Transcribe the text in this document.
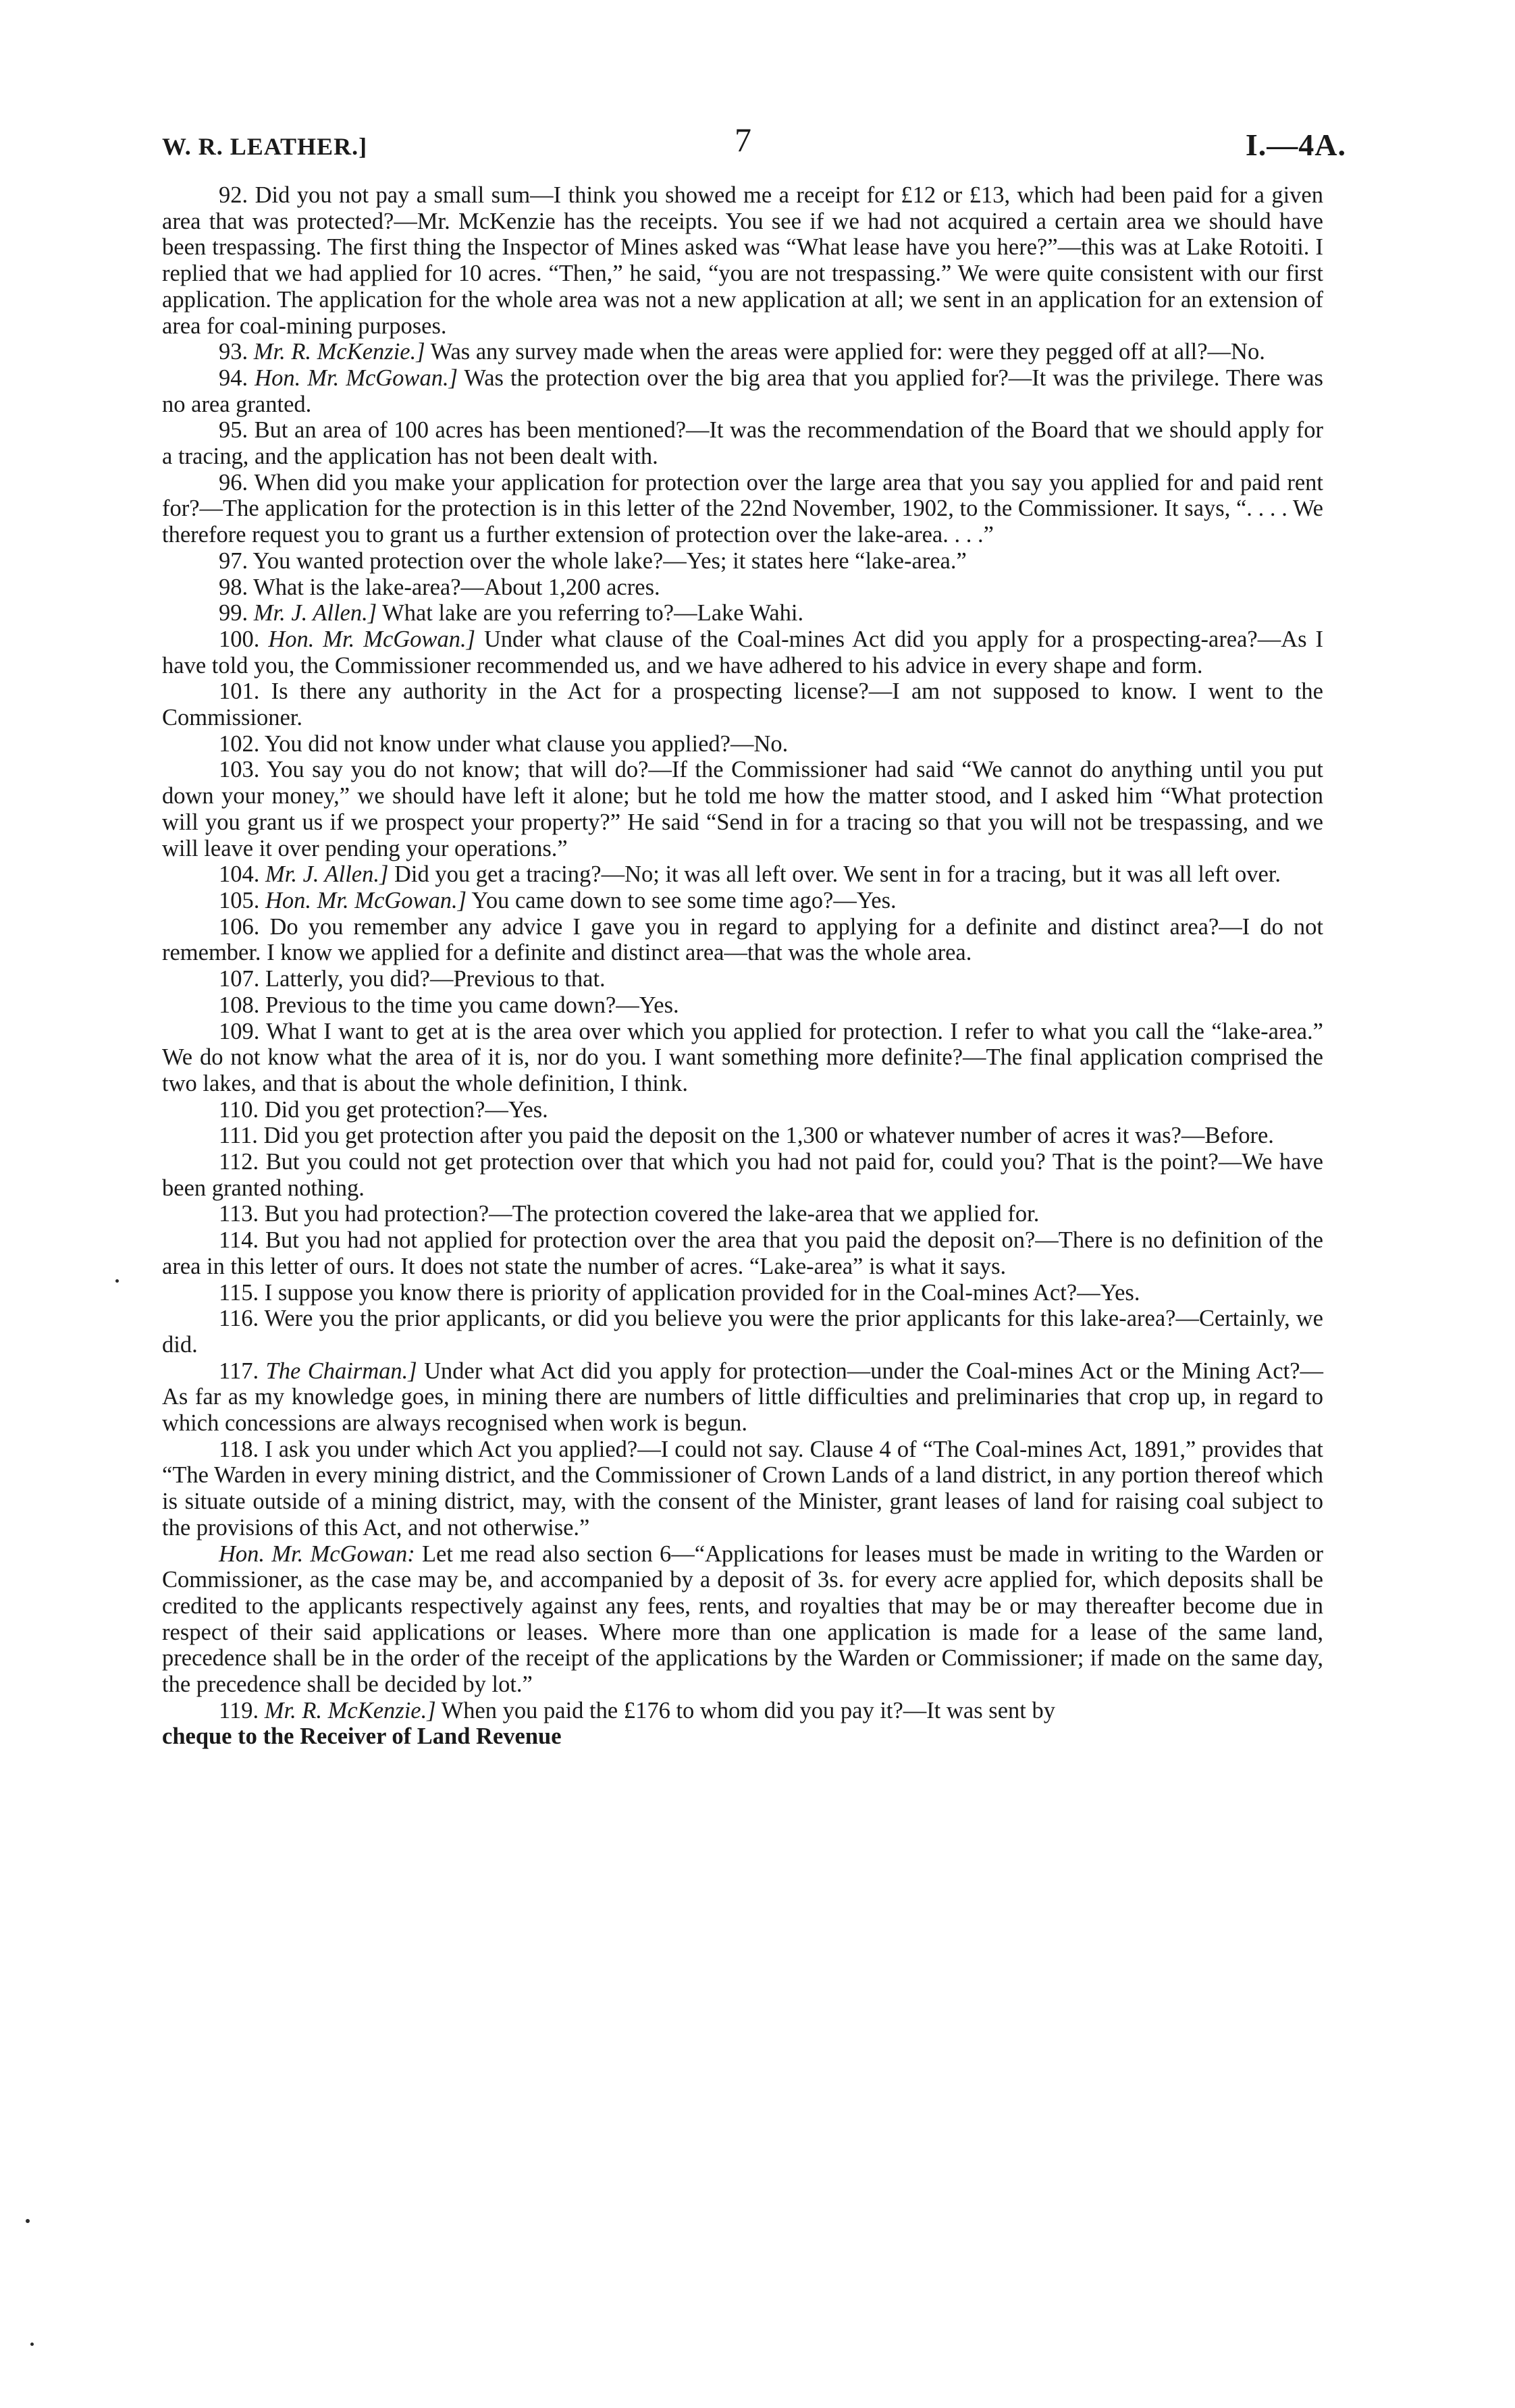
W. R. LEATHER.]	7	I.—4A.

92. Did you not pay a small sum—I think you showed me a receipt for £12 or £13, which had been paid for a given area that was protected?—Mr. McKenzie has the receipts. You see if we had not acquired a certain area we should have been trespassing. The first thing the Inspector of Mines asked was “What lease have you here?”—this was at Lake Rotoiti. I replied that we had applied for 10 acres. “Then,” he said, “you are not trespassing.” We were quite consistent with our first application. The application for the whole area was not a new application at all; we sent in an application for an extension of area for coal-mining purposes.

93. Mr. R. McKenzie.] Was any survey made when the areas were applied for: were they pegged off at all?—No.

94. Hon. Mr. McGowan.] Was the protection over the big area that you applied for?—It was the privilege. There was no area granted.

95. But an area of 100 acres has been mentioned?—It was the recommendation of the Board that we should apply for a tracing, and the application has not been dealt with.

96. When did you make your application for protection over the large area that you say you applied for and paid rent for?—The application for the protection is in this letter of the 22nd November, 1902, to the Commissioner. It says, “. . . . We therefore request you to grant us a further extension of protection over the lake-area. . . .”

97. You wanted protection over the whole lake?—Yes; it states here “lake-area.”

98. What is the lake-area?—About 1,200 acres.

99. Mr. J. Allen.] What lake are you referring to?—Lake Wahi.

100. Hon. Mr. McGowan.] Under what clause of the Coal-mines Act did you apply for a prospecting-area?—As I have told you, the Commissioner recommended us, and we have adhered to his advice in every shape and form.

101. Is there any authority in the Act for a prospecting license?—I am not supposed to know. I went to the Commissioner.

102. You did not know under what clause you applied?—No.

103. You say you do not know; that will do?—If the Commissioner had said “We cannot do anything until you put down your money,” we should have left it alone; but he told me how the matter stood, and I asked him “What protection will you grant us if we prospect your property?” He said “Send in for a tracing so that you will not be trespassing, and we will leave it over pending your operations.”

104. Mr. J. Allen.] Did you get a tracing?—No; it was all left over. We sent in for a tracing, but it was all left over.

105. Hon. Mr. McGowan.] You came down to see some time ago?—Yes.

106. Do you remember any advice I gave you in regard to applying for a definite and distinct area?—I do not remember. I know we applied for a definite and distinct area—that was the whole area.

107. Latterly, you did?—Previous to that.

108. Previous to the time you came down?—Yes.

109. What I want to get at is the area over which you applied for protection. I refer to what you call the “lake-area.” We do not know what the area of it is, nor do you. I want something more definite?—The final application comprised the two lakes, and that is about the whole definition, I think.

110. Did you get protection?—Yes.

111. Did you get protection after you paid the deposit on the 1,300 or whatever number of acres it was?—Before.

112. But you could not get protection over that which you had not paid for, could you? That is the point?—We have been granted nothing.

113. But you had protection?—The protection covered the lake-area that we applied for.

114. But you had not applied for protection over the area that you paid the deposit on?—There is no definition of the area in this letter of ours. It does not state the number of acres. “Lake-area” is what it says.

115. I suppose you know there is priority of application provided for in the Coal-mines Act?—Yes.

116. Were you the prior applicants, or did you believe you were the prior applicants for this lake-area?—Certainly, we did.

117. The Chairman.] Under what Act did you apply for protection—under the Coal-mines Act or the Mining Act?—As far as my knowledge goes, in mining there are numbers of little difficulties and preliminaries that crop up, in regard to which concessions are always recognised when work is begun.

118. I ask you under which Act you applied?—I could not say. Clause 4 of “The Coal-mines Act, 1891,” provides that “The Warden in every mining district, and the Commissioner of Crown Lands of a land district, in any portion thereof which is situate outside of a mining district, may, with the consent of the Minister, grant leases of land for raising coal subject to the provisions of this Act, and not otherwise.”

Hon. Mr. McGowan: Let me read also section 6—“Applications for leases must be made in writing to the Warden or Commissioner, as the case may be, and accompanied by a deposit of 3s. for every acre applied for, which deposits shall be credited to the applicants respectively against any fees, rents, and royalties that may be or may thereafter become due in respect of their said applications or leases. Where more than one application is made for a lease of the same land, precedence shall be in the order of the receipt of the applications by the Warden or Commissioner; if made on the same day, the precedence shall be decided by lot.”

119. Mr. R. McKenzie.] When you paid the £176 to whom did you pay it?—It was sent by

cheque to the Receiver of Land Revenue
